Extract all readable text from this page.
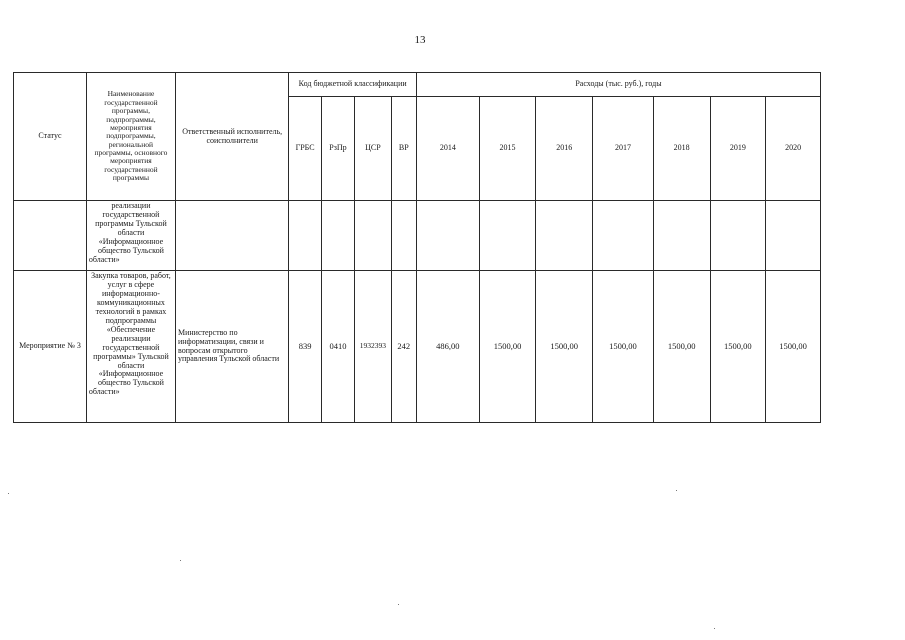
13
Статус	Наименование государственной программы, подпрограммы, мероприятия подпрограммы, региональной программы, основного мероприятия государственной программы	Ответственный исполнитель, соисполнители	Код бюджетной классификации				Расходы (тыс. руб.), годы						
			ГРБС	РзПр	ЦСР	ВР	2014	2015	2016	2017	2018	2019	2020
	реализации государственной программы Тульской области «Информационное общество Тульской области»												
Мероприятие № 3	Закупка товаров, работ, услуг в сфере информационно-коммуникационных технологий в рамках подпрограммы «Обеспечение реализации государственной программы» Тульской области «Информационное общество Тульской области»	Министерство по информатизации, связи и вопросам открытого управления Тульской области	839	0410	1932393	242	486,00	1500,00	1500,00	1500,00	1500,00	1500,00	1500,00
